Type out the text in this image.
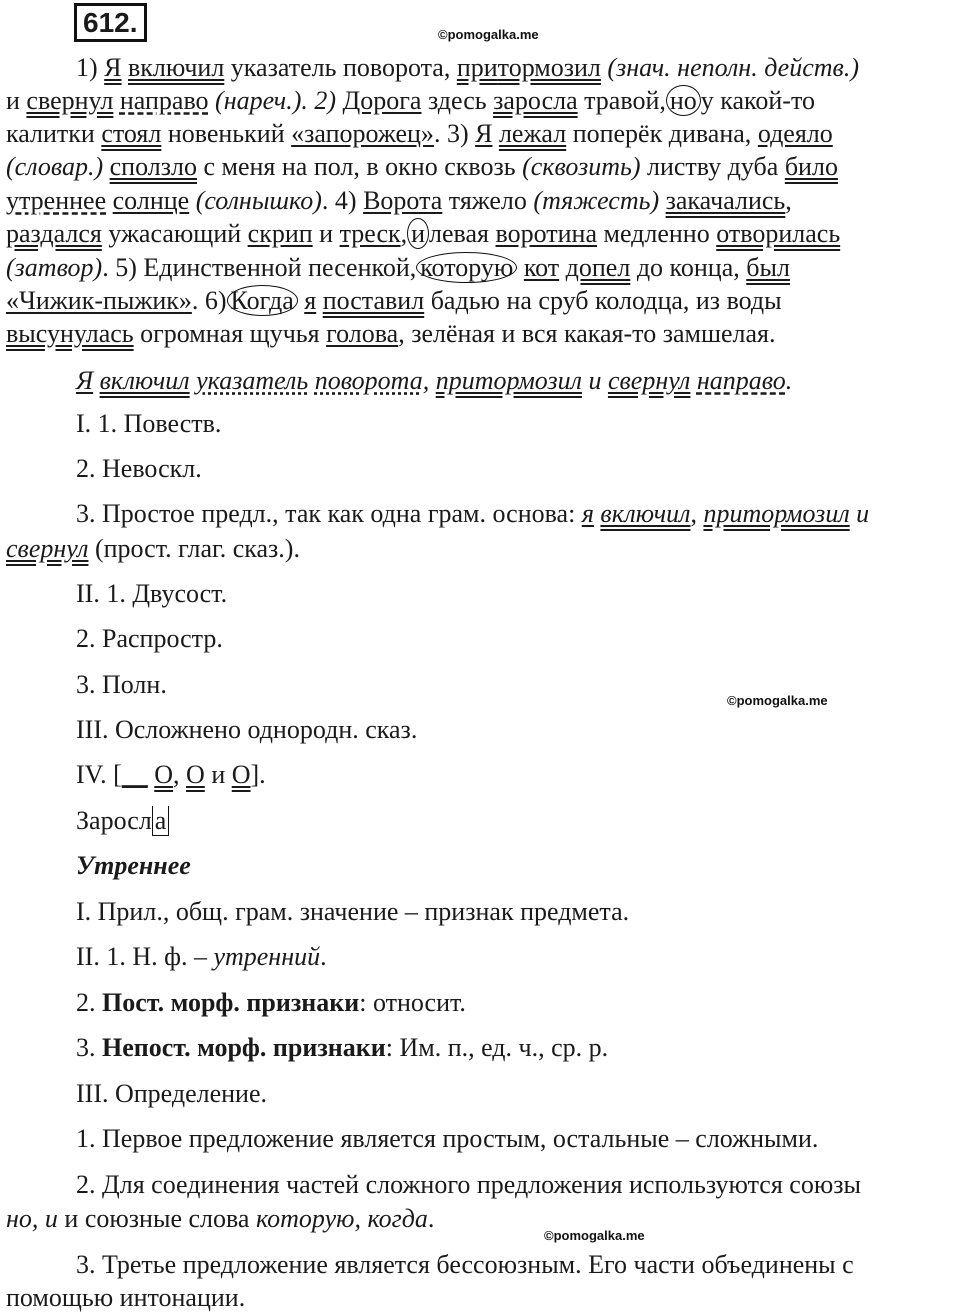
612.	©pomogalka.me

1) Я включил указатель поворота, притормозил (знач. неполн. действ.)

и свернул направо (нареч.). 2) Дорога здесь заросла травой, но у какой-то

калитки стоял новенький «запорожец». 3) Я лежал поперёк дивана, одеяло

(словар.) сползло с меня на пол, в окно сквозь (сквозить) листву дуба било

утреннее солнце (солнышко). 4) Ворота тяжело (тяжесть) закачались,

раздался ужасающий скрип и треск, и левая воротина медленно отворилась

(затвор). 5) Единственной песенкой, которую кот допел до конца, был

«Чижик-пыжик». 6) Когда я поставил бадью на сруб колодца, из воды

высунулась огромная щучья голова, зелёная и вся какая-то замшелая.

Я включил указатель поворота, притормозил и свернул направо.

I. 1. Повеств.

2. Невоскл.

3. Простое предл., так как одна грам. основа: я включил, притормозил и

свернул (прост. глаг. сказ.).

II. 1. Двусост.

2. Распростр.

3. Полн.

©pomogalka.me

III. Осложнено однородн. сказ.

IV. [__ О, О и О].

Заросл а

Утреннее

I. Прил., общ. грам. значение – признак предмета.

II. 1. Н. ф. – утренний.

2. Пост. морф. признаки: относит.

3. Непост. морф. признаки: Им. п., ед. ч., ср. р.

III. Определение.

1. Первое предложение является простым, остальные – сложными.

2. Для соединения частей сложного предложения используются союзы

но, и и союзные слова которую, когда.

©pomogalka.me

3. Третье предложение является бессоюзным. Его части объединены с

помощью интонации.
